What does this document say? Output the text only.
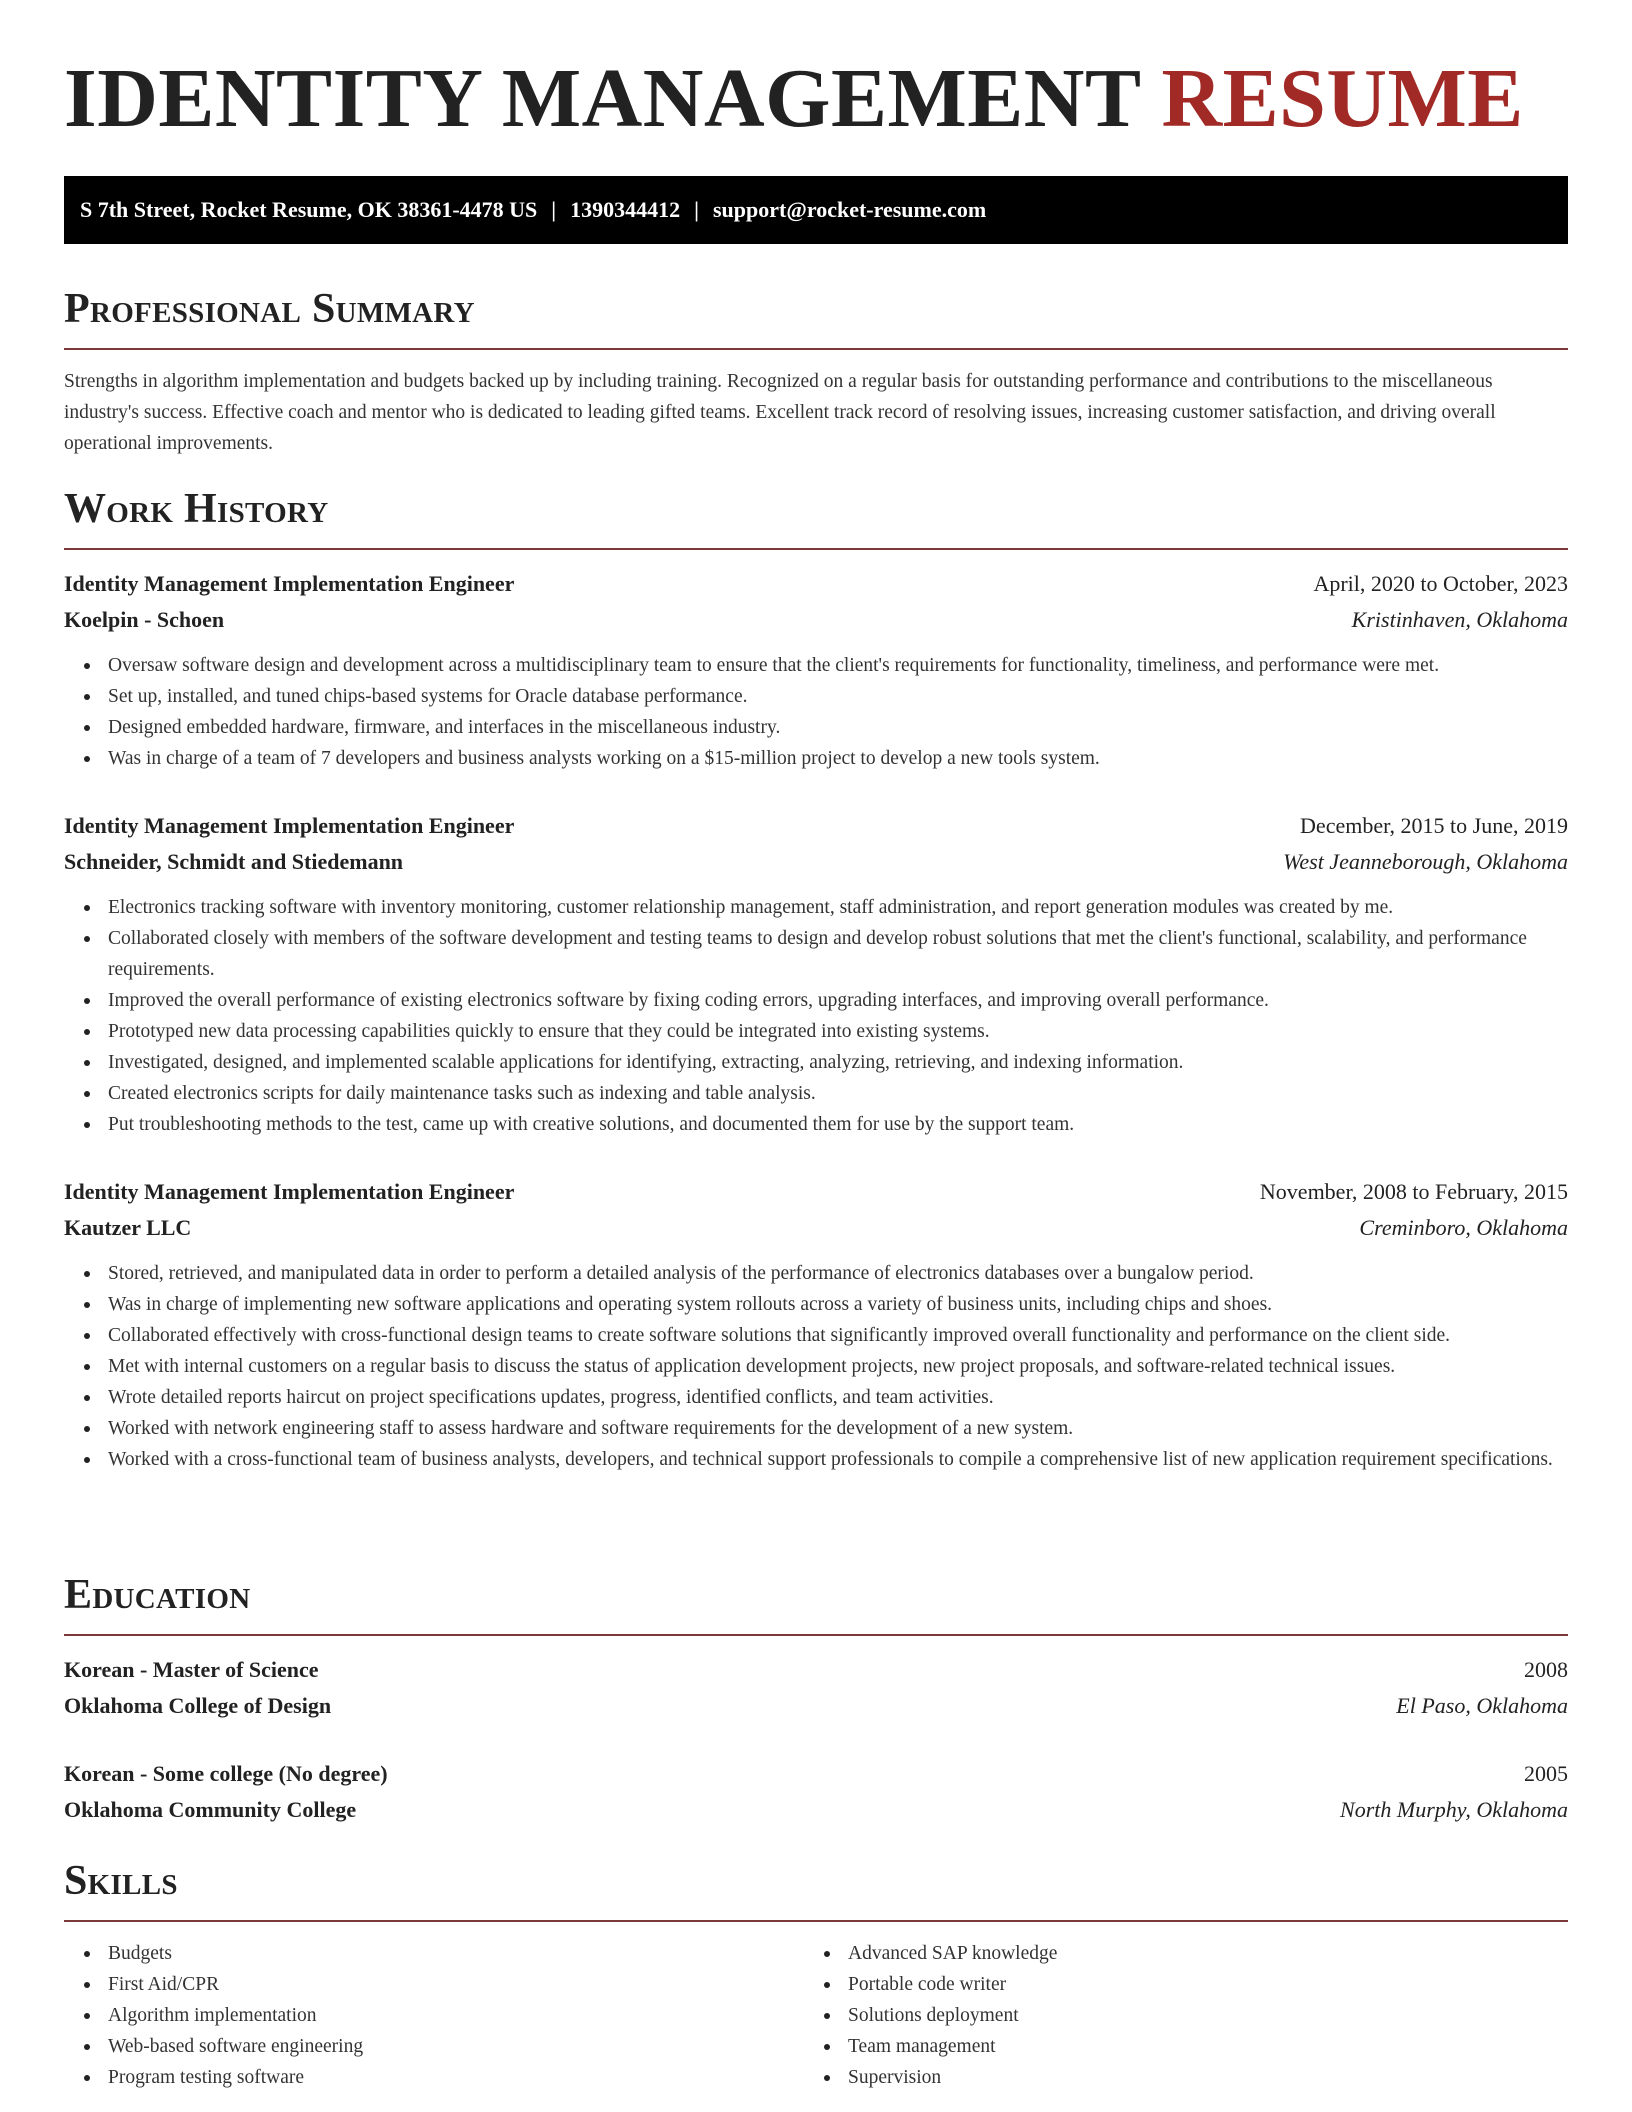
IDENTITY MANAGEMENT RESUME
S 7th Street, Rocket Resume, OK 38361-4478 US | 1390344412 | support@rocket-resume.com
Professional Summary

Strengths in algorithm implementation and budgets backed up by including training. Recognized on a regular basis for outstanding performance and contributions to the miscellaneous industry's success. Effective coach and mentor who is dedicated to leading gifted teams. Excellent track record of resolving issues, increasing customer satisfaction, and driving overall operational improvements.

Work History
Identity Management Implementation Engineer	April, 2020 to October, 2023
Koelpin - Schoen	Kristinhaven, Oklahoma
Oversaw software design and development across a multidisciplinary team to ensure that the client's requirements for functionality, timeliness, and performance were met.
Set up, installed, and tuned chips-based systems for Oracle database performance.
Designed embedded hardware, firmware, and interfaces in the miscellaneous industry.
Was in charge of a team of 7 developers and business analysts working on a $15-million project to develop a new tools system.
Identity Management Implementation Engineer	December, 2015 to June, 2019
Schneider, Schmidt and Stiedemann	West Jeanneborough, Oklahoma
Electronics tracking software with inventory monitoring, customer relationship management, staff administration, and report generation modules was created by me.
Collaborated closely with members of the software development and testing teams to design and develop robust solutions that met the client's functional, scalability, and performance requirements.
Improved the overall performance of existing electronics software by fixing coding errors, upgrading interfaces, and improving overall performance.
Prototyped new data processing capabilities quickly to ensure that they could be integrated into existing systems.
Investigated, designed, and implemented scalable applications for identifying, extracting, analyzing, retrieving, and indexing information.
Created electronics scripts for daily maintenance tasks such as indexing and table analysis.
Put troubleshooting methods to the test, came up with creative solutions, and documented them for use by the support team.
Identity Management Implementation Engineer	November, 2008 to February, 2015
Kautzer LLC	Creminboro, Oklahoma
Stored, retrieved, and manipulated data in order to perform a detailed analysis of the performance of electronics databases over a bungalow period.
Was in charge of implementing new software applications and operating system rollouts across a variety of business units, including chips and shoes.
Collaborated effectively with cross-functional design teams to create software solutions that significantly improved overall functionality and performance on the client side.
Met with internal customers on a regular basis to discuss the status of application development projects, new project proposals, and software-related technical issues.
Wrote detailed reports haircut on project specifications updates, progress, identified conflicts, and team activities.
Worked with network engineering staff to assess hardware and software requirements for the development of a new system.
Worked with a cross-functional team of business analysts, developers, and technical support professionals to compile a comprehensive list of new application requirement specifications.
Education
Korean - Master of Science	2008
Oklahoma College of Design	El Paso, Oklahoma
Korean - Some college (No degree)	2005
Oklahoma Community College	North Murphy, Oklahoma
Skills
Budgets
First Aid/CPR
Algorithm implementation
Web-based software engineering
Program testing software
Advanced SAP knowledge
Portable code writer
Solutions deployment
Team management
Supervision
